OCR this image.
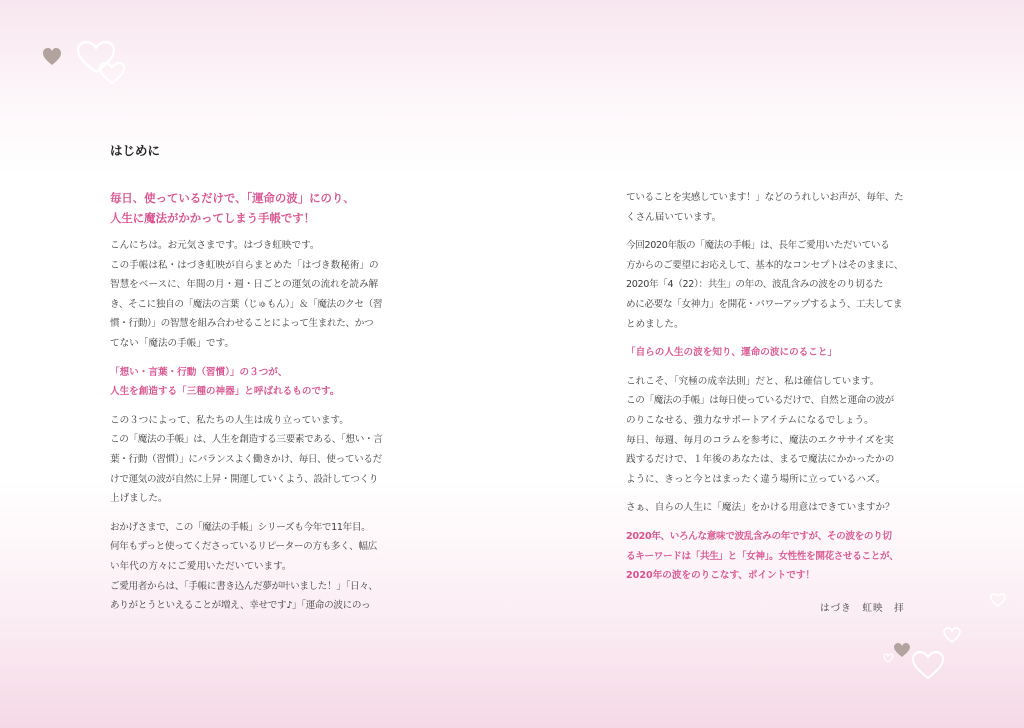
はじめに
毎日、使っているだけで、「運命の波」にのり、
人生に魔法がかかってしまう手帳です！
こんにちは。お元気さまです。はづき虹映です。
この手帳は私・はづき虹映が自らまとめた「はづき数秘術」の
智慧をベースに、年間の月・週・日ごとの運気の流れを読み解
き、そこに独自の「魔法の言葉（じゅもん）」＆「魔法のクセ（習
慣・行動）」の智慧を組み合わせることによって生まれた、かつ
てない「魔法の手帳」です。
「想い・言葉・行動（習慣）」の３つが、
人生を創造する「三種の神器」と呼ばれるものです。
この３つによって、私たちの人生は成り立っています。
この「魔法の手帳」は、人生を創造する三要素である、「想い・言
葉・行動（習慣）」にバランスよく働きかけ、毎日、使っているだ
けで運気の波が自然に上昇・開運していくよう、設計してつくり
上げました。
おかげさまで、この「魔法の手帳」シリーズも今年で11年目。
何年もずっと使ってくださっているリピーターの方も多く、幅広
い年代の方々にご愛用いただいています。
ご愛用者からは、「手帳に書き込んだ夢が叶いました！」「日々、
ありがとうといえることが増え、幸せです♪」「運命の波にのっ
ていることを実感しています！」などのうれしいお声が、毎年、た
くさん届いています。
今回2020年版の「魔法の手帳」は、長年ご愛用いただいている
方からのご要望にお応えして、基本的なコンセプトはそのままに、
2020年「4（22）：共生」の年の、波乱含みの波をのり切るた
めに必要な「女神力」を開花・パワーアップするよう、工夫してま
とめました。
「自らの人生の波を知り、運命の波にのること」
これこそ、「究極の成幸法則」だと、私は確信しています。
この「魔法の手帳」は毎日使っているだけで、自然と運命の波が
のりこなせる、強力なサポートアイテムになるでしょう。
毎日、毎週、毎月のコラムを参考に、魔法のエクササイズを実
践するだけで、１年後のあなたは、まるで魔法にかかったかの
ように、きっと今とはまったく違う場所に立っているハズ。
さぁ、自らの人生に「魔法」をかける用意はできていますか？
2020年、いろんな意味で波乱含みの年ですが、その波をのり切
るキーワードは「共生」と「女神」。女性性を開花させることが、
2020年の波をのりこなす、ポイントです！
はづき　虹映　拝
